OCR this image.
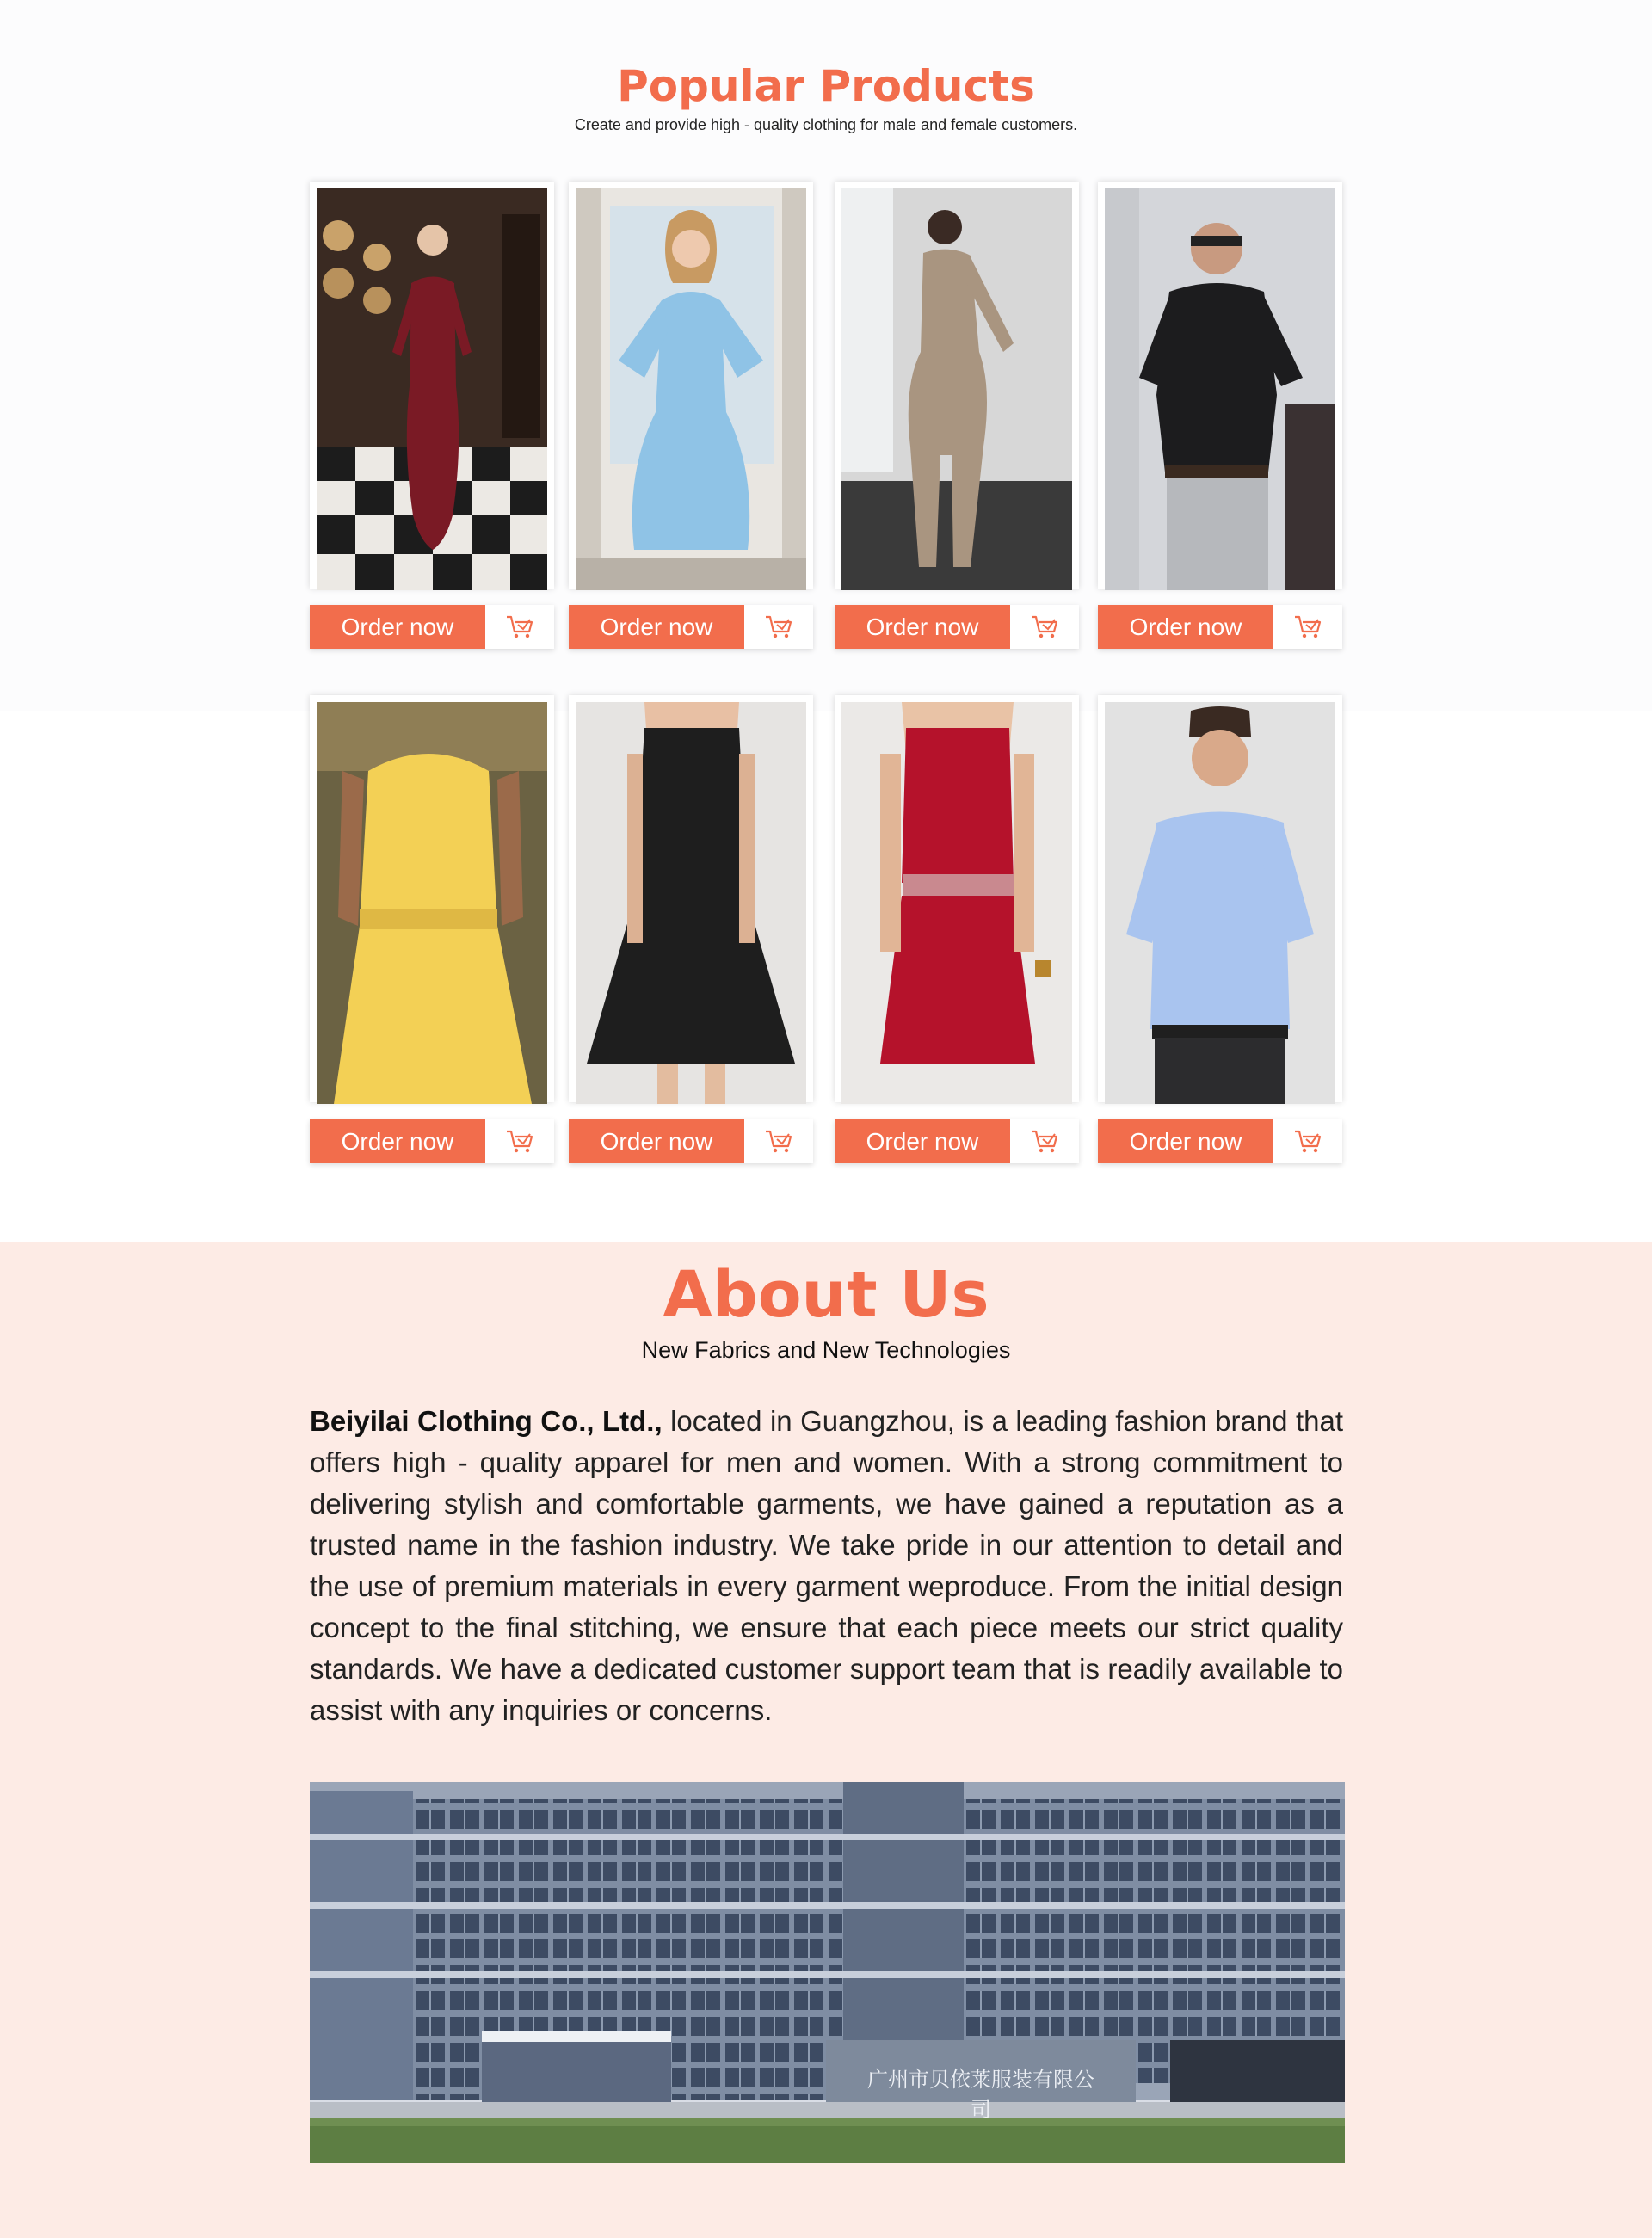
Popular Products
Create and provide high - quality clothing for male and female customers.
Order now	Order now	Order now	Order now
Order now	Order now	Order now	Order now
About Us
New Fabrics and New Technologies

Beiyilai Clothing Co., Ltd., located in Guangzhou, is a leading fashion brand that offers high - quality apparel for men and women. With a strong commitment to delivering stylish and comfortable garments, we have gained a reputation as a trusted name in the fashion industry. We take pride in our attention to detail and the use of premium materials in every garment weproduce. From the initial design concept to the final stitching, we ensure that each piece meets our strict quality standards. We have a dedicated customer support team that is readily available to assist with any inquiries or concerns.

广州市贝依莱服装有限公司
